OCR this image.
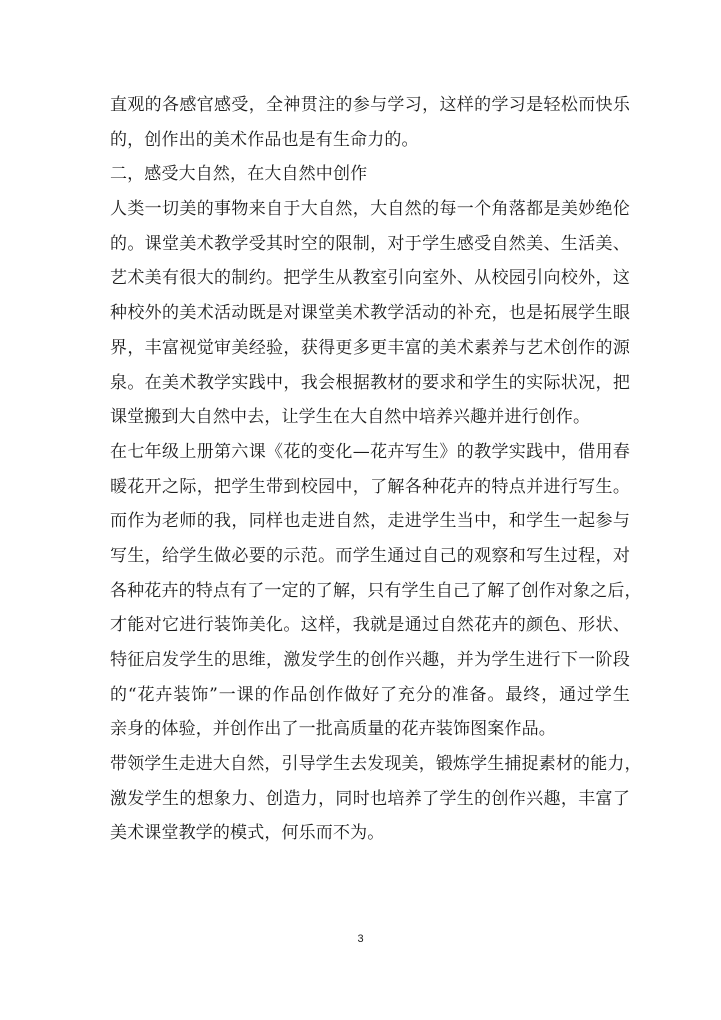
直观的各感官感受，全神贯注的参与学习，这样的学习是轻松而快乐
的，创作出的美术作品也是有生命力的。
二，感受大自然，在大自然中创作
人类一切美的事物来自于大自然，大自然的每一个角落都是美妙绝伦
的。课堂美术教学受其时空的限制，对于学生感受自然美、生活美、
艺术美有很大的制约。把学生从教室引向室外、从校园引向校外，这
种校外的美术活动既是对课堂美术教学活动的补充，也是拓展学生眼
界，丰富视觉审美经验，获得更多更丰富的美术素养与艺术创作的源
泉。在美术教学实践中，我会根据教材的要求和学生的实际状况，把
课堂搬到大自然中去，让学生在大自然中培养兴趣并进行创作。
在七年级上册第六课《花的变化—花卉写生》的教学实践中，借用春
暖花开之际，把学生带到校园中，了解各种花卉的特点并进行写生。
而作为老师的我，同样也走进自然，走进学生当中，和学生一起参与
写生，给学生做必要的示范。而学生通过自己的观察和写生过程，对
各种花卉的特点有了一定的了解，只有学生自己了解了创作对象之后，
才能对它进行装饰美化。这样，我就是通过自然花卉的颜色、形状、
特征启发学生的思维，激发学生的创作兴趣，并为学生进行下一阶段
的“花卉装饰”一课的作品创作做好了充分的准备。最终，通过学生
亲身的体验，并创作出了一批高质量的花卉装饰图案作品。
带领学生走进大自然，引导学生去发现美，锻炼学生捕捉素材的能力，
激发学生的想象力、创造力，同时也培养了学生的创作兴趣，丰富了
美术课堂教学的模式，何乐而不为。
3
